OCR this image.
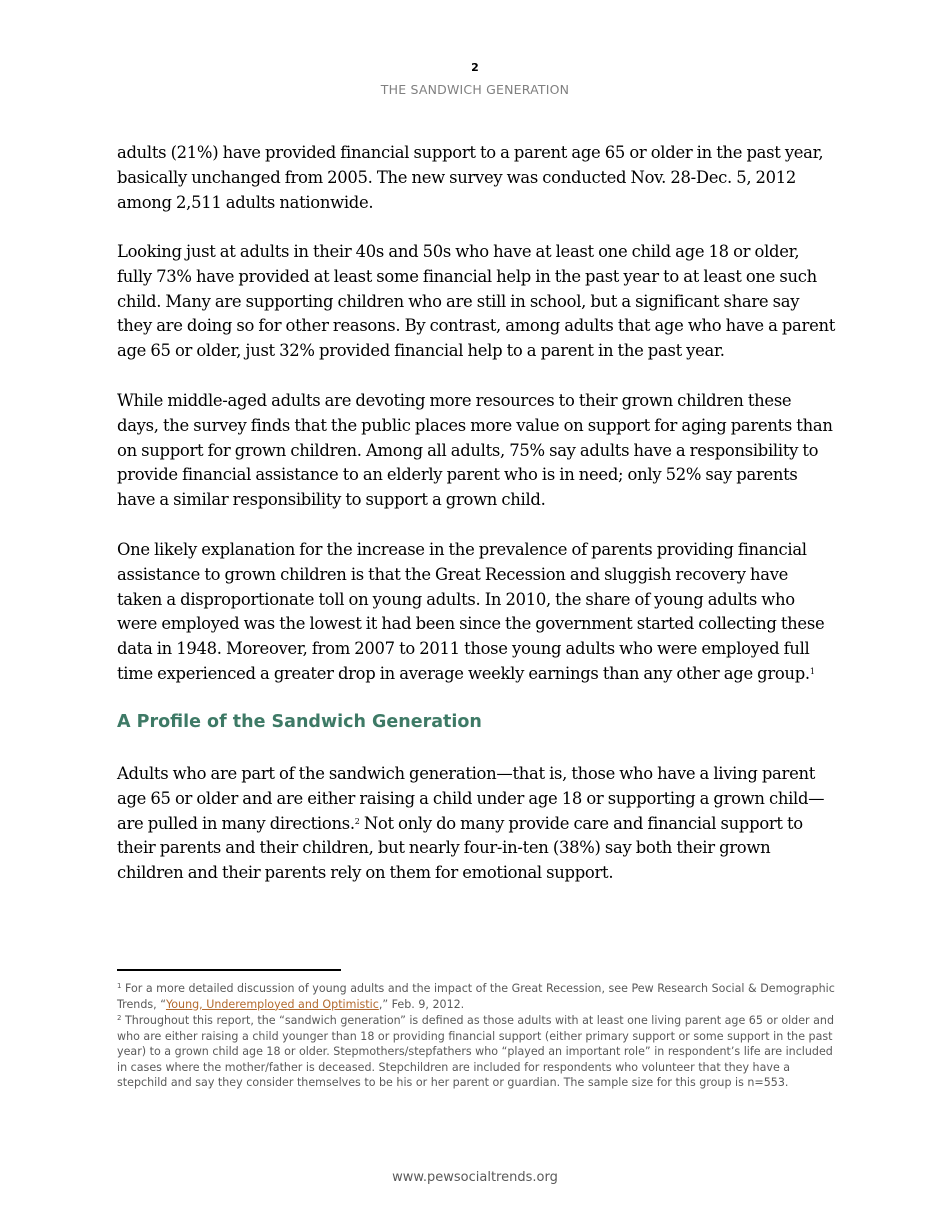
2
THE SANDWICH GENERATION

adults (21%) have provided financial support to a parent age 65 or older in the past year, basically unchanged from 2005. The new survey was conducted Nov. 28-Dec. 5, 2012 among 2,511 adults nationwide.

Looking just at adults in their 40s and 50s who have at least one child age 18 or older, fully 73% have provided at least some financial help in the past year to at least one such child. Many are supporting children who are still in school, but a significant share say they are doing so for other reasons. By contrast, among adults that age who have a parent age 65 or older, just 32% provided financial help to a parent in the past year.

While middle-aged adults are devoting more resources to their grown children these days, the survey finds that the public places more value on support for aging parents than on support for grown children. Among all adults, 75% say adults have a responsibility to provide financial assistance to an elderly parent who is in need; only 52% say parents have a similar responsibility to support a grown child.

One likely explanation for the increase in the prevalence of parents providing financial assistance to grown children is that the Great Recession and sluggish recovery have taken a disproportionate toll on young adults. In 2010, the share of young adults who were employed was the lowest it had been since the government started collecting these data in 1948. Moreover, from 2007 to 2011 those young adults who were employed full time experienced a greater drop in average weekly earnings than any other age group.$^1$

A Profile of the Sandwich Generation

Adults who are part of the sandwich generation—that is, those who have a living parent age 65 or older and are either raising a child under age 18 or supporting a grown child—are pulled in many directions.$^2$ Not only do many provide care and financial support to their parents and their children, but nearly four-in-ten (38%) say both their grown children and their parents rely on them for emotional support.

$^1$ For a more detailed discussion of young adults and the impact of the Great Recession, see Pew Research Social & Demographic Trends, “Young, Underemployed and Optimistic,” Feb. 9, 2012.

$^2$ Throughout this report, the “sandwich generation” is defined as those adults with at least one living parent age 65 or older and who are either raising a child younger than 18 or providing financial support (either primary support or some support in the past year) to a grown child age 18 or older. Stepmothers/stepfathers who “played an important role” in respondent’s life are included in cases where the mother/father is deceased. Stepchildren are included for respondents who volunteer that they have a stepchild and say they consider themselves to be his or her parent or guardian. The sample size for this group is n=553.

www.pewsocialtrends.org
